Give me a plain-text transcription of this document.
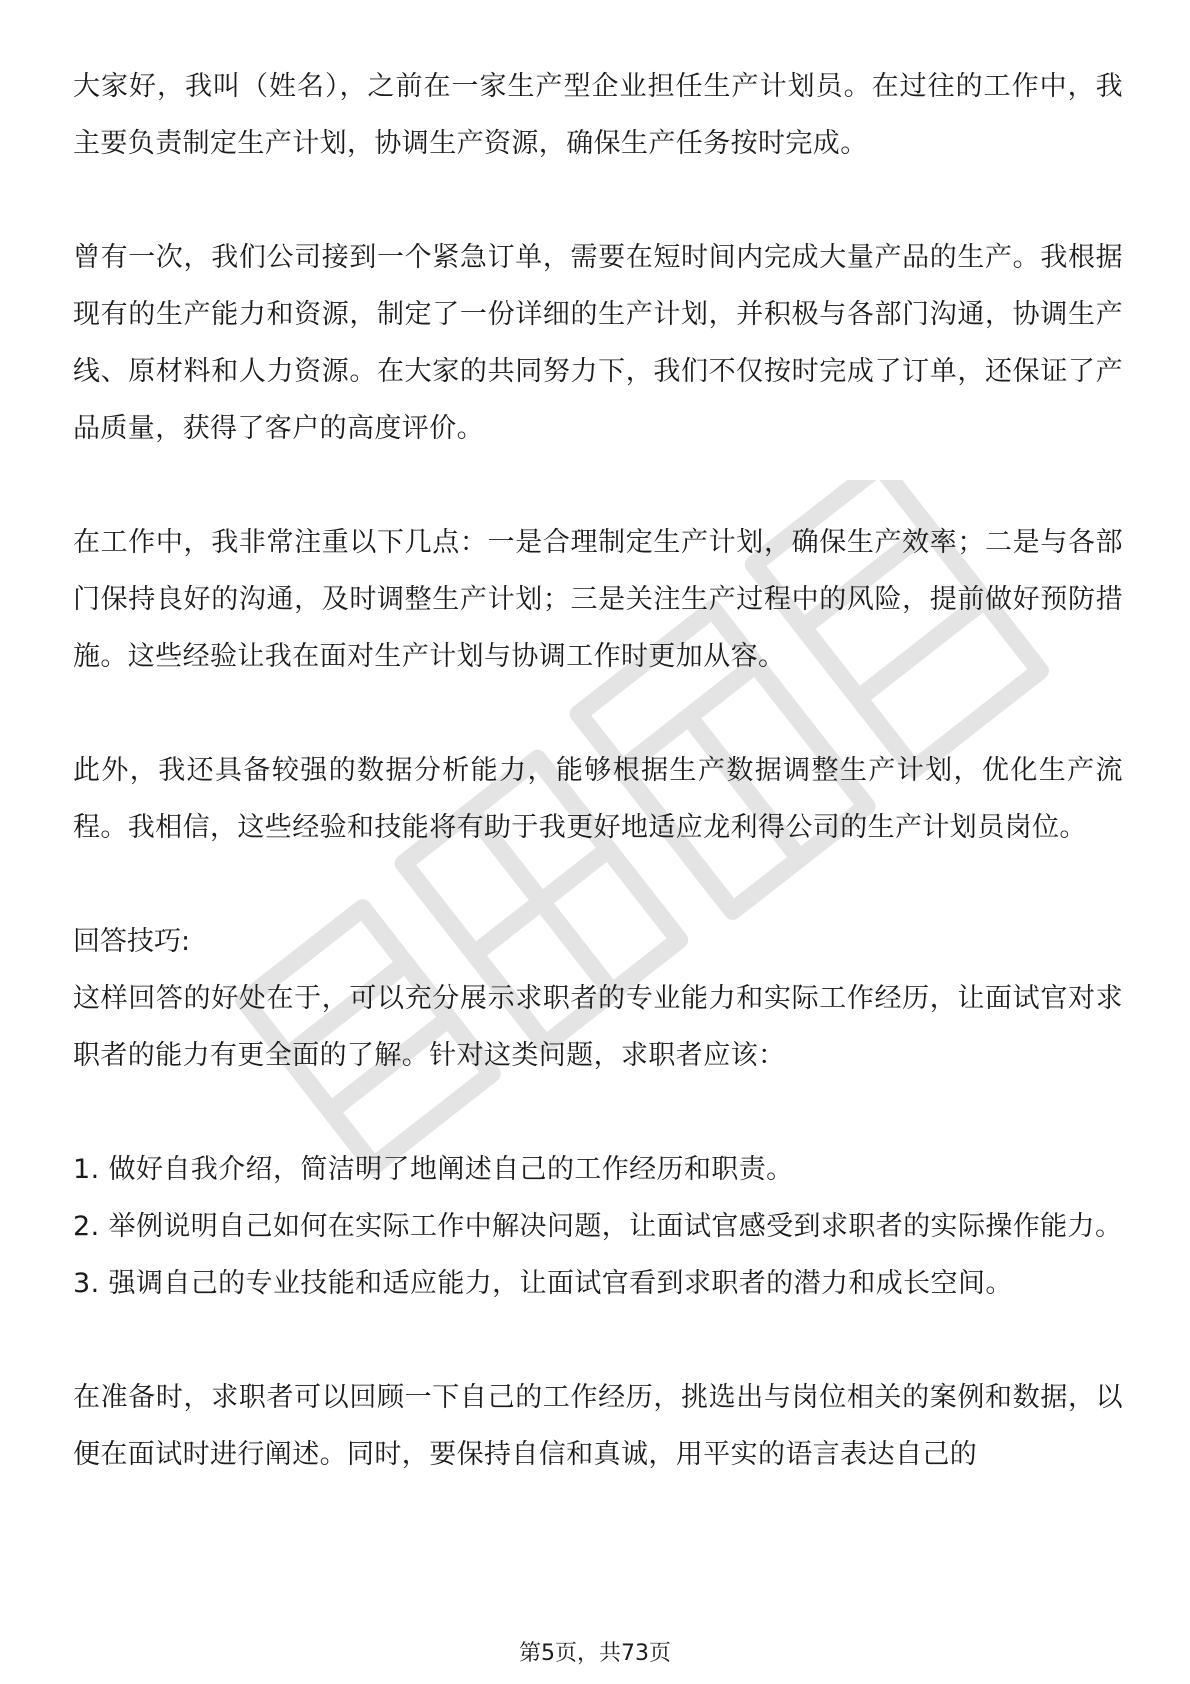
大家好，我叫（姓名），之前在一家生产型企业担任生产计划员。在过往的工作中，我主要负责制定生产计划，协调生产资源，确保生产任务按时完成。

曾有一次，我们公司接到一个紧急订单，需要在短时间内完成大量产品的生产。我根据现有的生产能力和资源，制定了一份详细的生产计划，并积极与各部门沟通，协调生产线、原材料和人力资源。在大家的共同努力下，我们不仅按时完成了订单，还保证了产品质量，获得了客户的高度评价。

在工作中，我非常注重以下几点：一是合理制定生产计划，确保生产效率；二是与各部门保持良好的沟通，及时调整生产计划；三是关注生产过程中的风险，提前做好预防措施。这些经验让我在面对生产计划与协调工作时更加从容。

此外，我还具备较强的数据分析能力，能够根据生产数据调整生产计划，优化生产流程。我相信，这些经验和技能将有助于我更好地适应龙利得公司的生产计划员岗位。

回答技巧:

这样回答的好处在于，可以充分展示求职者的专业能力和实际工作经历，让面试官对求职者的能力有更全面的了解。针对这类问题，求职者应该：

1. 做好自我介绍，简洁明了地阐述自己的工作经历和职责。

2. 举例说明自己如何在实际工作中解决问题，让面试官感受到求职者的实际操作能力。

3. 强调自己的专业技能和适应能力，让面试官看到求职者的潜力和成长空间。

在准备时，求职者可以回顾一下自己的工作经历，挑选出与岗位相关的案例和数据，以便在面试时进行阐述。同时，要保持自信和真诚，用平实的语言表达自己的

第5页，共73页
